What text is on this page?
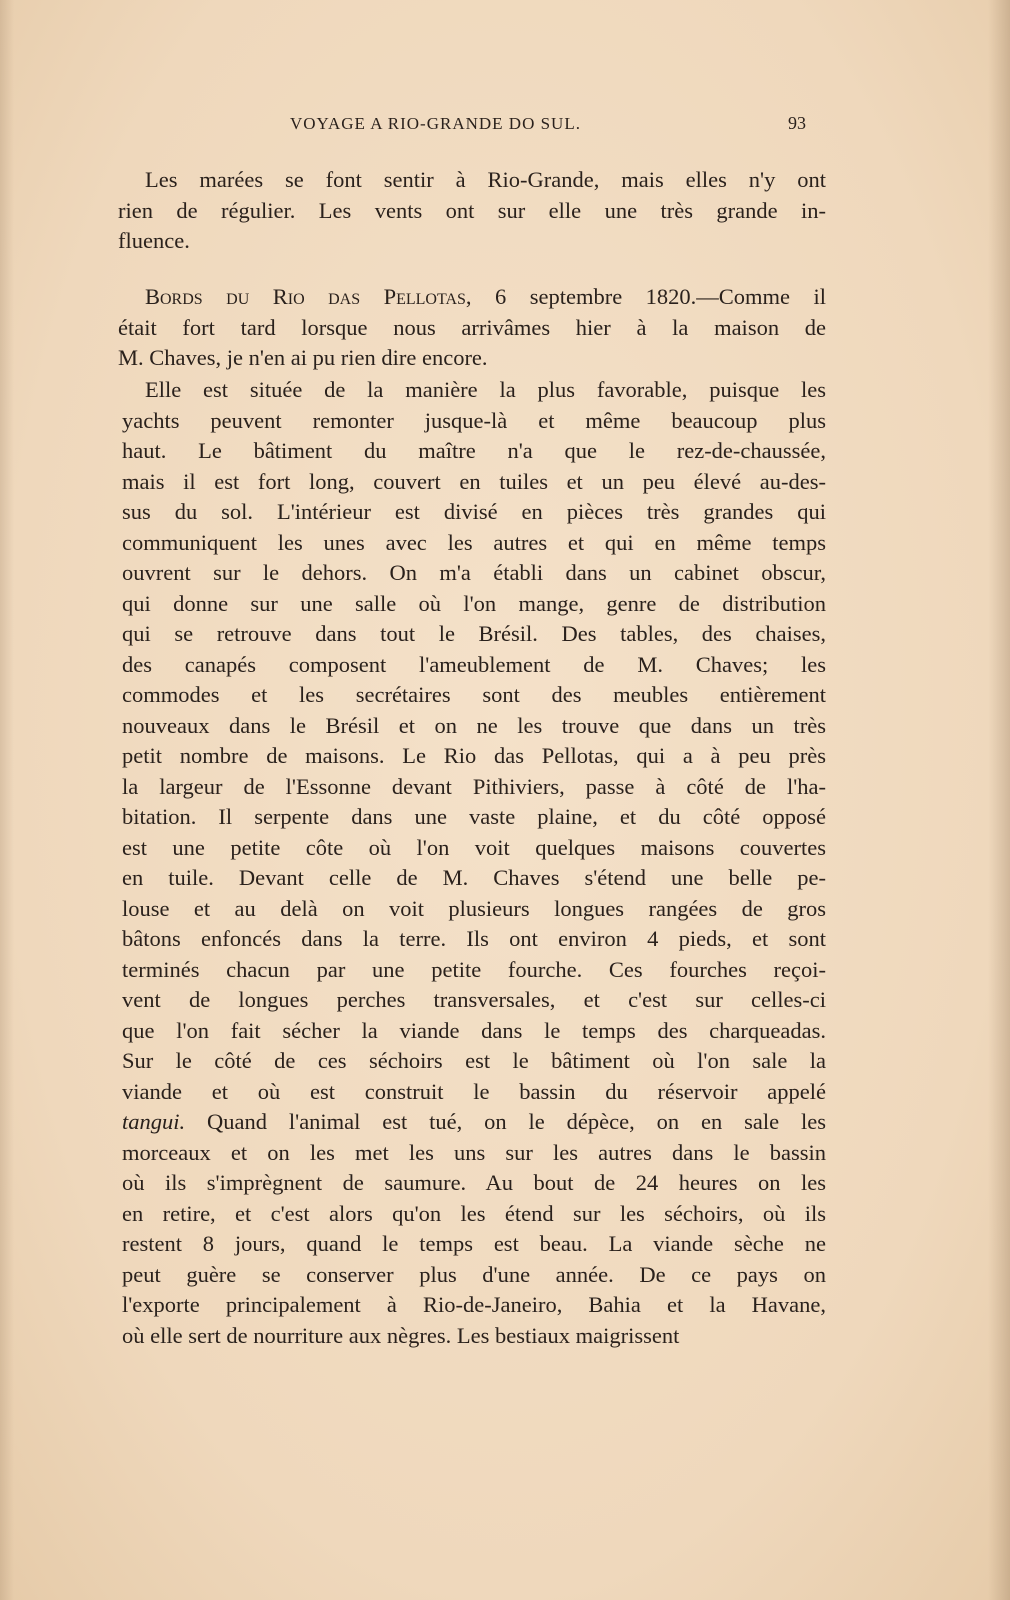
VOYAGE A RIO-GRANDE DO SUL.	93
Les marées se font sentir à Rio-Grande, mais elles n'y ont
rien de régulier. Les vents ont sur elle une très grande in-
fluence.
Bords du Rio das Pellotas, 6 septembre 1820.—Comme il
était fort tard lorsque nous arrivâmes hier à la maison de
M. Chaves, je n'en ai pu rien dire encore.
Elle est située de la manière la plus favorable, puisque les
yachts peuvent remonter jusque-là et même beaucoup plus
haut. Le bâtiment du maître n'a que le rez-de-chaussée,
mais il est fort long, couvert en tuiles et un peu élevé au-des-
sus du sol. L'intérieur est divisé en pièces très grandes qui
communiquent les unes avec les autres et qui en même temps
ouvrent sur le dehors. On m'a établi dans un cabinet obscur,
qui donne sur une salle où l'on mange, genre de distribution
qui se retrouve dans tout le Brésil. Des tables, des chaises,
des canapés composent l'ameublement de M. Chaves; les
commodes et les secrétaires sont des meubles entièrement
nouveaux dans le Brésil et on ne les trouve que dans un très
petit nombre de maisons. Le Rio das Pellotas, qui a à peu près
la largeur de l'Essonne devant Pithiviers, passe à côté de l'ha-
bitation. Il serpente dans une vaste plaine, et du côté opposé
est une petite côte où l'on voit quelques maisons couvertes
en tuile. Devant celle de M. Chaves s'étend une belle pe-
louse et au delà on voit plusieurs longues rangées de gros
bâtons enfoncés dans la terre. Ils ont environ 4 pieds, et sont
terminés chacun par une petite fourche. Ces fourches reçoi-
vent de longues perches transversales, et c'est sur celles-ci
que l'on fait sécher la viande dans le temps des charqueadas.
Sur le côté de ces séchoirs est le bâtiment où l'on sale la
viande et où est construit le bassin du réservoir appelé
tangui. Quand l'animal est tué, on le dépèce, on en sale les
morceaux et on les met les uns sur les autres dans le bassin
où ils s'imprègnent de saumure. Au bout de 24 heures on les
en retire, et c'est alors qu'on les étend sur les séchoirs, où ils
restent 8 jours, quand le temps est beau. La viande sèche ne
peut guère se conserver plus d'une année. De ce pays on
l'exporte principalement à Rio-de-Janeiro, Bahia et la Havane,
où elle sert de nourriture aux nègres. Les bestiaux maigrissent
